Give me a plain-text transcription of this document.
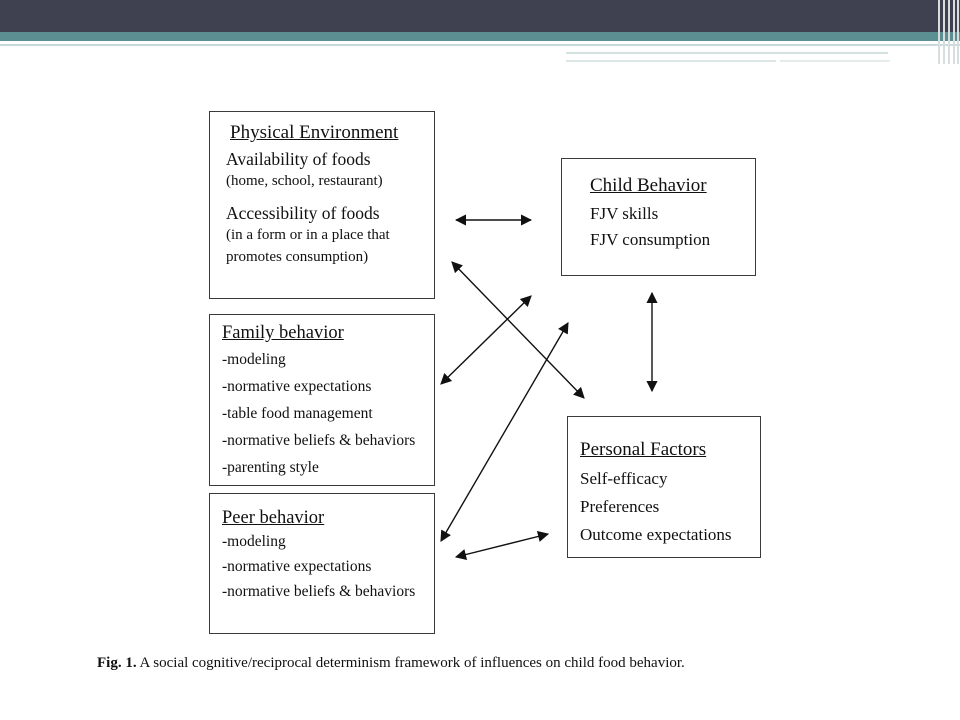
Physical Environment
Availability of foods
(home, school, restaurant)
Accessibility of foods
(in a form or in a place that
promotes consumption)
Family behavior
-modeling
-normative expectations
-table food management
-normative beliefs & behaviors
-parenting style
Peer behavior
-modeling
-normative expectations
-normative beliefs & behaviors
Child Behavior
FJV skills
FJV consumption
Personal Factors
Self-efficacy
Preferences
Outcome expectations
Fig. 1. A social cognitive/reciprocal determinism framework of influences on child food behavior.
